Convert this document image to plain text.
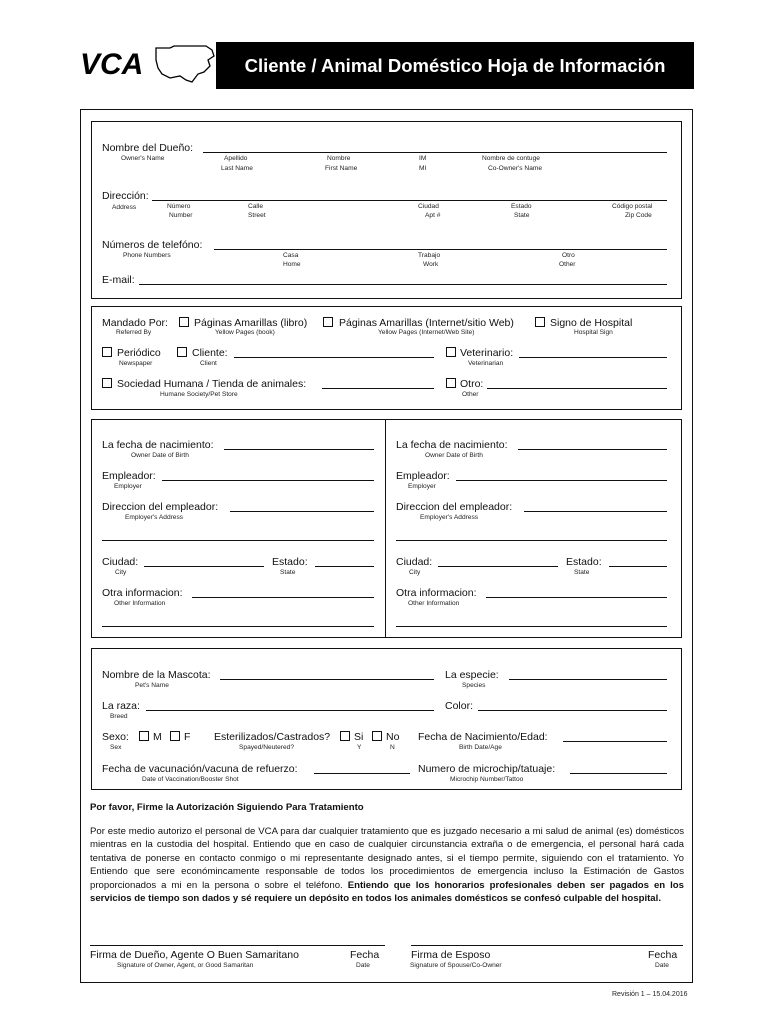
VCA	Cliente / Animal Doméstico Hoja de Información
Nombre del Dueño:
Owner's Name	Apellido
Last Name
Nombre
First Name
IM
MI
Nombre de contuge
Co-Owner's Name
Dirección:
Address	Número
Number
Calle
Street
Ciudad
Apt #
Estado
State
Código postal
Zip Code
Números de telefóno:
Phone Numbers	Casa
Home
Trabajo
Work
Otro
Other
E-mail:
Mandado Por:
Referred By
Páginas Amarillas (libro)
Yellow Pages (book)
Páginas Amarillas (Internet/sitio Web)
Yellow Pages (Internet/Web Site)
Signo de Hospital
Hospital Sign
Periódico
Newspaper
Cliente:
Client
Veterinario:
Veterinarian
Sociedad Humana / Tienda de animales:
Humane Society/Pet Store
Otro:
Other
La fecha de nacimiento:
Owner Date of Birth
Empleador:
Employer
Direccion del empleador:
Employer's Address
Ciudad:
City
Estado:
State
Otra informacion:
Other Information
La fecha de nacimiento:
Owner Date of Birth
Empleador:
Employer
Direccion del empleador:
Employer's Address
Ciudad:
City
Estado:
State
Otra informacion:
Other Information
Nombre de la Mascota:
Pet's Name
La especie:
Species
La raza:
Breed
Color:
Sexo:
Sex
M F Esterilizados/Castrados?
Spayed/Neutered?
Si
Y
No
N
Fecha de Nacimiento/Edad:
Birth Date/Age
Fecha de vacunación/vacuna de refuerzo:
Date of Vaccination/Booster Shot
Numero de microchip/tatuaje:
Microchip Number/Tattoo
Por favor, Firme la Autorización Siguiendo Para Tratamiento
Por este medio autorizo el personal de VCA para dar cualquier tratamiento que es juzgado necesario a mi salud de animal (es) domésticos mientras en la custodia del hospital. Entiendo que en caso de cualquier circunstancia extraña o de emergencia, el personal hará cada tentativa de ponerse en contacto conmigo o mi representante designado antes, si el tiempo permite, siguiendo con el tratamiento. Yo Entiendo que sere económincamente responsable de todos los procedimientos de emergencia incluso la Estimación de Gastos proporcionados a mi en la persona o sobre el teléfono. Entiendo que los honorarios profesionales deben ser pagados en los servicios de tiempo son dados y sé requiere un depósito en todos los animales domésticos se confesó culpable del hospital.
Firma de Dueño, Agente O Buen Samaritano
Signature of Owner, Agent, or Good Samaritan
Fecha
Date
Firma de Esposo
Signature of Spouse/Co-Owner
Fecha
Date
Revisión 1 – 15.04.2016
